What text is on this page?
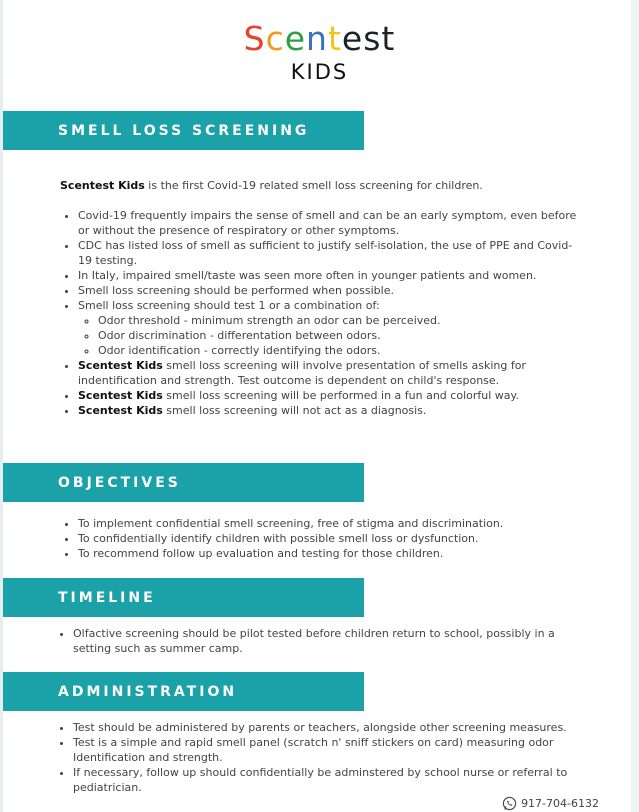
Scentest
KIDS
SMELL LOSS SCREENING
Scentest Kids is the first Covid-19 related smell loss screening for children.
• Covid-19 frequently impairs the sense of smell and can be an early symptom, even before or without the presence of respiratory or other symptoms.
• CDC has listed loss of smell as sufficient to justify self-isolation, the use of PPE and Covid-19 testing.
• In Italy, impaired smell/taste was seen more often in younger patients and women.
• Smell loss screening should be performed when possible.
• Smell loss screening should test 1 or a combination of:
◦ Odor threshold - minimum strength an odor can be perceived.
◦ Odor discrimination - differentation between odors.
◦ Odor identification - correctly identifying the odors.
• Scentest Kids smell loss screening will involve presentation of smells asking for indentification and strength. Test outcome is dependent on child's response.
• Scentest Kids smell loss screening will be performed in a fun and colorful way.
• Scentest Kids smell loss screening will not act as a diagnosis.
OBJECTIVES
• To implement confidential smell screening, free of stigma and discrimination.
• To confidentially identify children with possible smell loss or dysfunction.
• To recommend follow up evaluation and testing for those children.
TIMELINE
• Olfactive screening should be pilot tested before children return to school, possibly in a setting such as summer camp.
ADMINISTRATION
• Test should be administered by parents or teachers, alongside other screening measures.
• Test is a simple and rapid smell panel (scratch n' sniff stickers on card) measuring odor Identification and strength.
• If necessary, follow up should confidentially be adminstered by school nurse or referral to pediatrician.
917-704-6132
